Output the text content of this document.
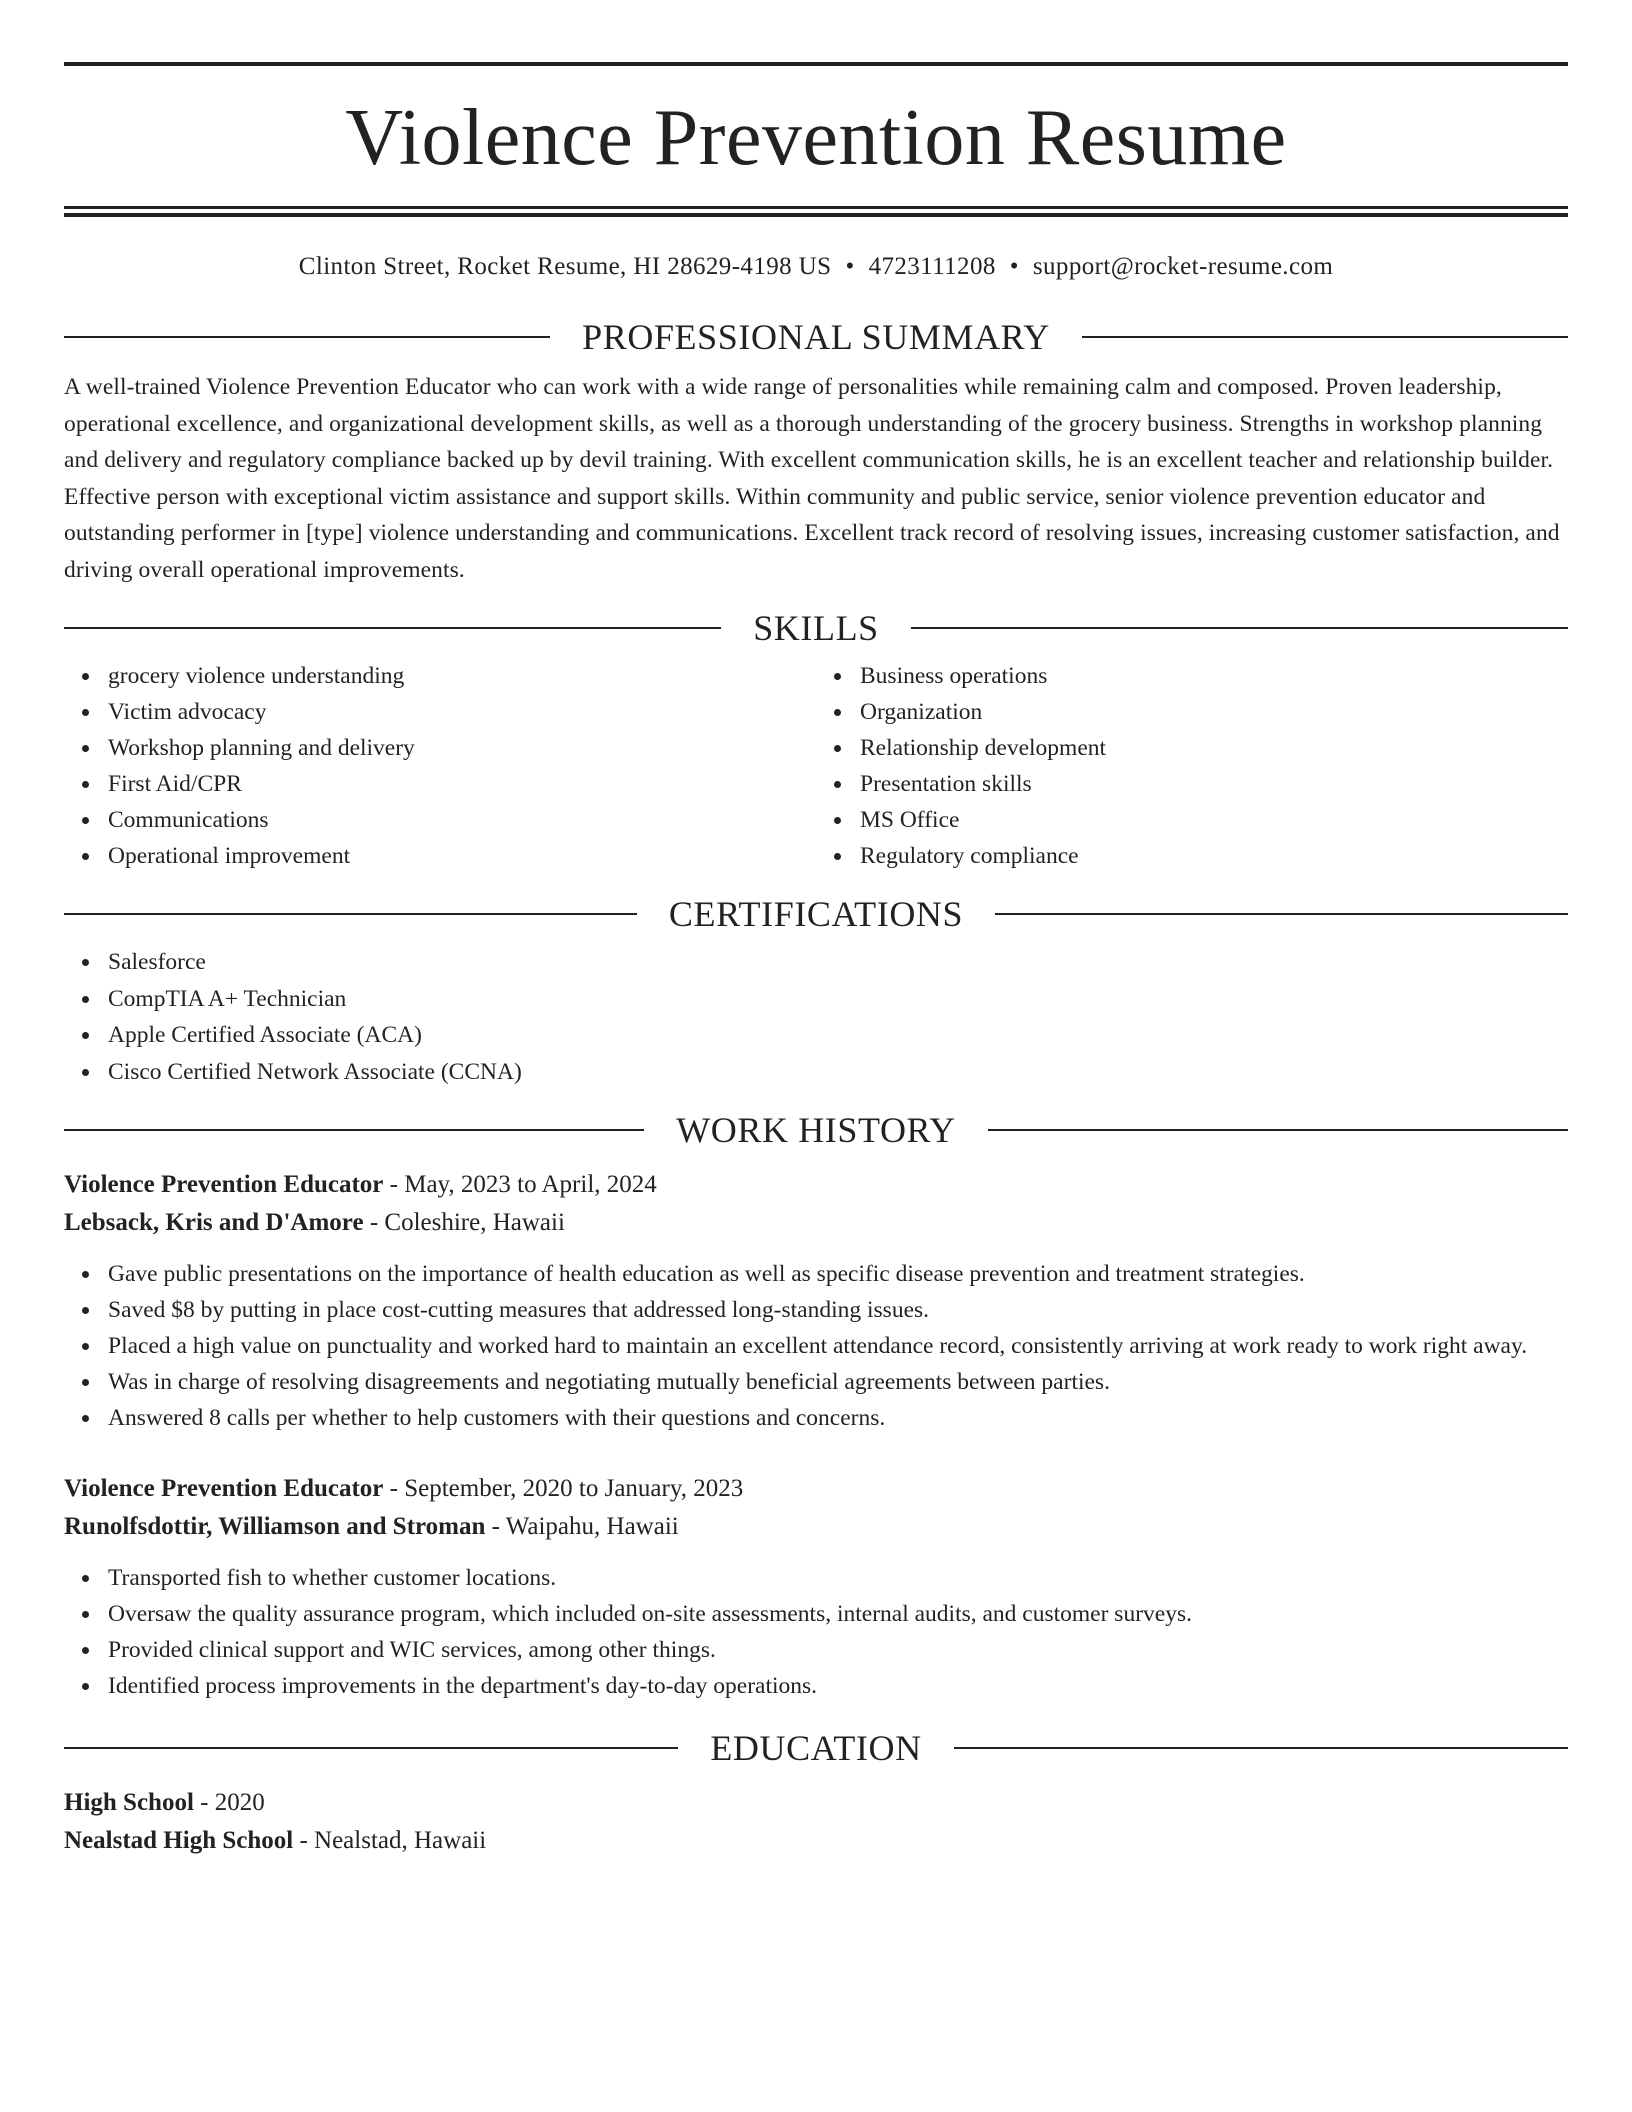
Violence Prevention Resume
Clinton Street, Rocket Resume, HI 28629-4198 US • 4723111208 • support@rocket-resume.com
PROFESSIONAL SUMMARY

A well-trained Violence Prevention Educator who can work with a wide range of personalities while remaining calm and composed. Proven leadership, operational excellence, and organizational development skills, as well as a thorough understanding of the grocery business. Strengths in workshop planning and delivery and regulatory compliance backed up by devil training. With excellent communication skills, he is an excellent teacher and relationship builder. Effective person with exceptional victim assistance and support skills. Within community and public service, senior violence prevention educator and outstanding performer in [type] violence understanding and communications. Excellent track record of resolving issues, increasing customer satisfaction, and driving overall operational improvements.

SKILLS
grocery violence understanding
Victim advocacy
Workshop planning and delivery
First Aid/CPR
Communications
Operational improvement
Business operations
Organization
Relationship development
Presentation skills
MS Office
Regulatory compliance
CERTIFICATIONS
Salesforce
CompTIA A+ Technician
Apple Certified Associate (ACA)
Cisco Certified Network Associate (CCNA)
WORK HISTORY
Violence Prevention Educator - May, 2023 to April, 2024
Lebsack, Kris and D'Amore - Coleshire, Hawaii
Gave public presentations on the importance of health education as well as specific disease prevention and treatment strategies.
Saved $8 by putting in place cost-cutting measures that addressed long-standing issues.
Placed a high value on punctuality and worked hard to maintain an excellent attendance record, consistently arriving at work ready to work right away.
Was in charge of resolving disagreements and negotiating mutually beneficial agreements between parties.
Answered 8 calls per whether to help customers with their questions and concerns.
Violence Prevention Educator - September, 2020 to January, 2023
Runolfsdottir, Williamson and Stroman - Waipahu, Hawaii
Transported fish to whether customer locations.
Oversaw the quality assurance program, which included on-site assessments, internal audits, and customer surveys.
Provided clinical support and WIC services, among other things.
Identified process improvements in the department's day-to-day operations.
EDUCATION
High School - 2020
Nealstad High School - Nealstad, Hawaii
